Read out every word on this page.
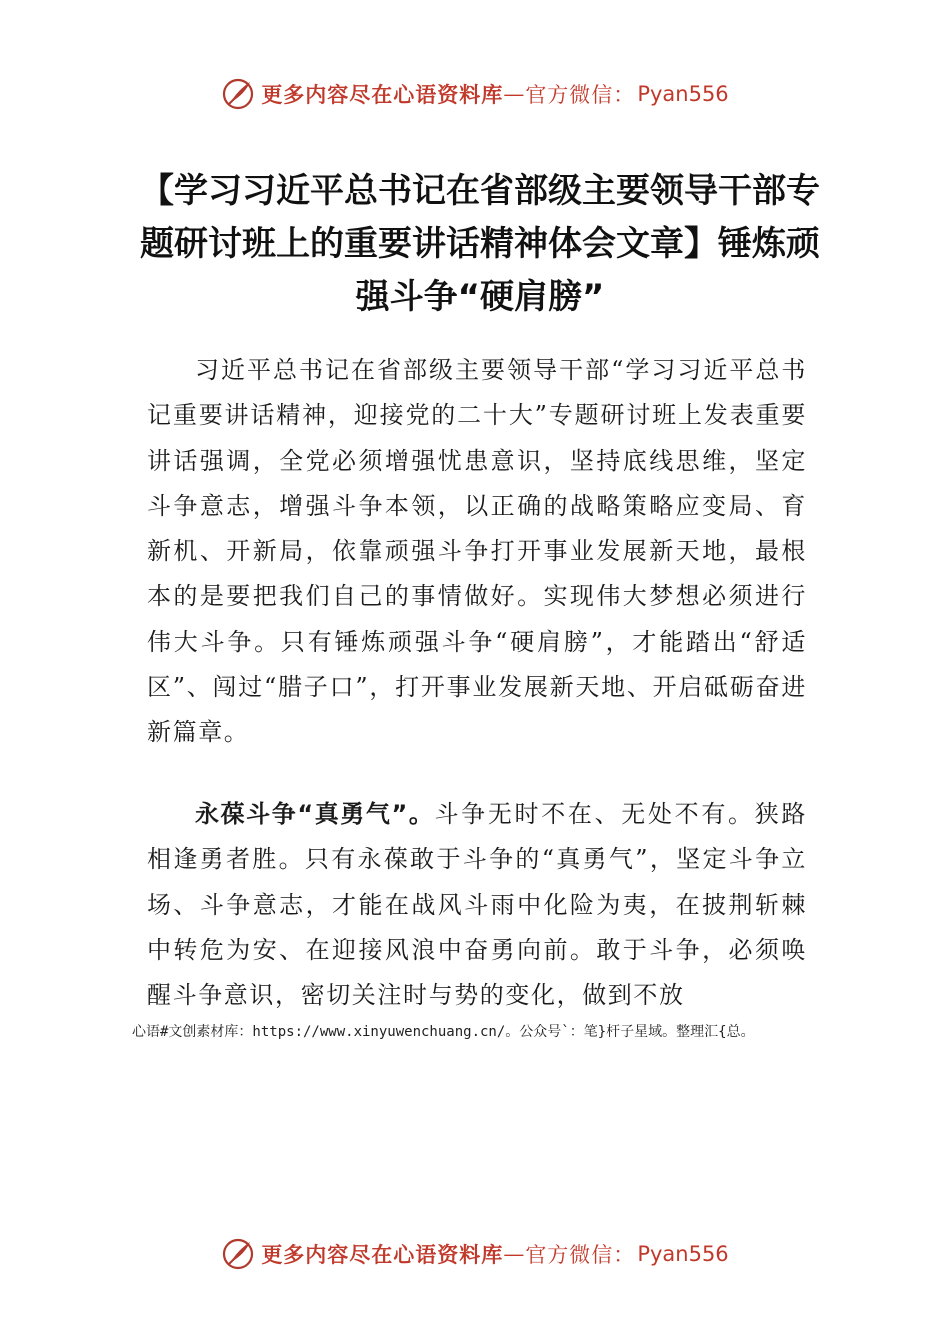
更多内容尽在心语资料库 — 官方微信： Pyan556
【学习习近平总书记在省部级主要领导干部专题研讨班上的重要讲话精神体会文章】锤炼顽强斗争“硬肩膀”

习近平总书记在省部级主要领导干部“学习习近平总书记重要讲话精神，迎接党的二十大”专题研讨班上发表重要讲话强调，全党必须增强忧患意识，坚持底线思维，坚定斗争意志，增强斗争本领，以正确的战略策略应变局、育新机、开新局，依靠顽强斗争打开事业发展新天地，最根本的是要把我们自己的事情做好。实现伟大梦想必须进行伟大斗争。只有锤炼顽强斗争“硬肩膀”，才能踏出“舒适区”、闯过“腊子口”，打开事业发展新天地、开启砥砺奋进新篇章。

永葆斗争“真勇气”。斗争无时不在、无处不有。狭路相逢勇者胜。只有永葆敢于斗争的“真勇气”，坚定斗争立场、斗争意志，才能在战风斗雨中化险为夷，在披荆斩棘中转危为安、在迎接风浪中奋勇向前。敢于斗争，必须唤醒斗争意识，密切关注时与势的变化，做到不放

心语#文创素材库：https://www.xinyuwenchuang.cn/。公众号`：笔}杆子星域。整理汇{总。

更多内容尽在心语资料库 — 官方微信： Pyan556
